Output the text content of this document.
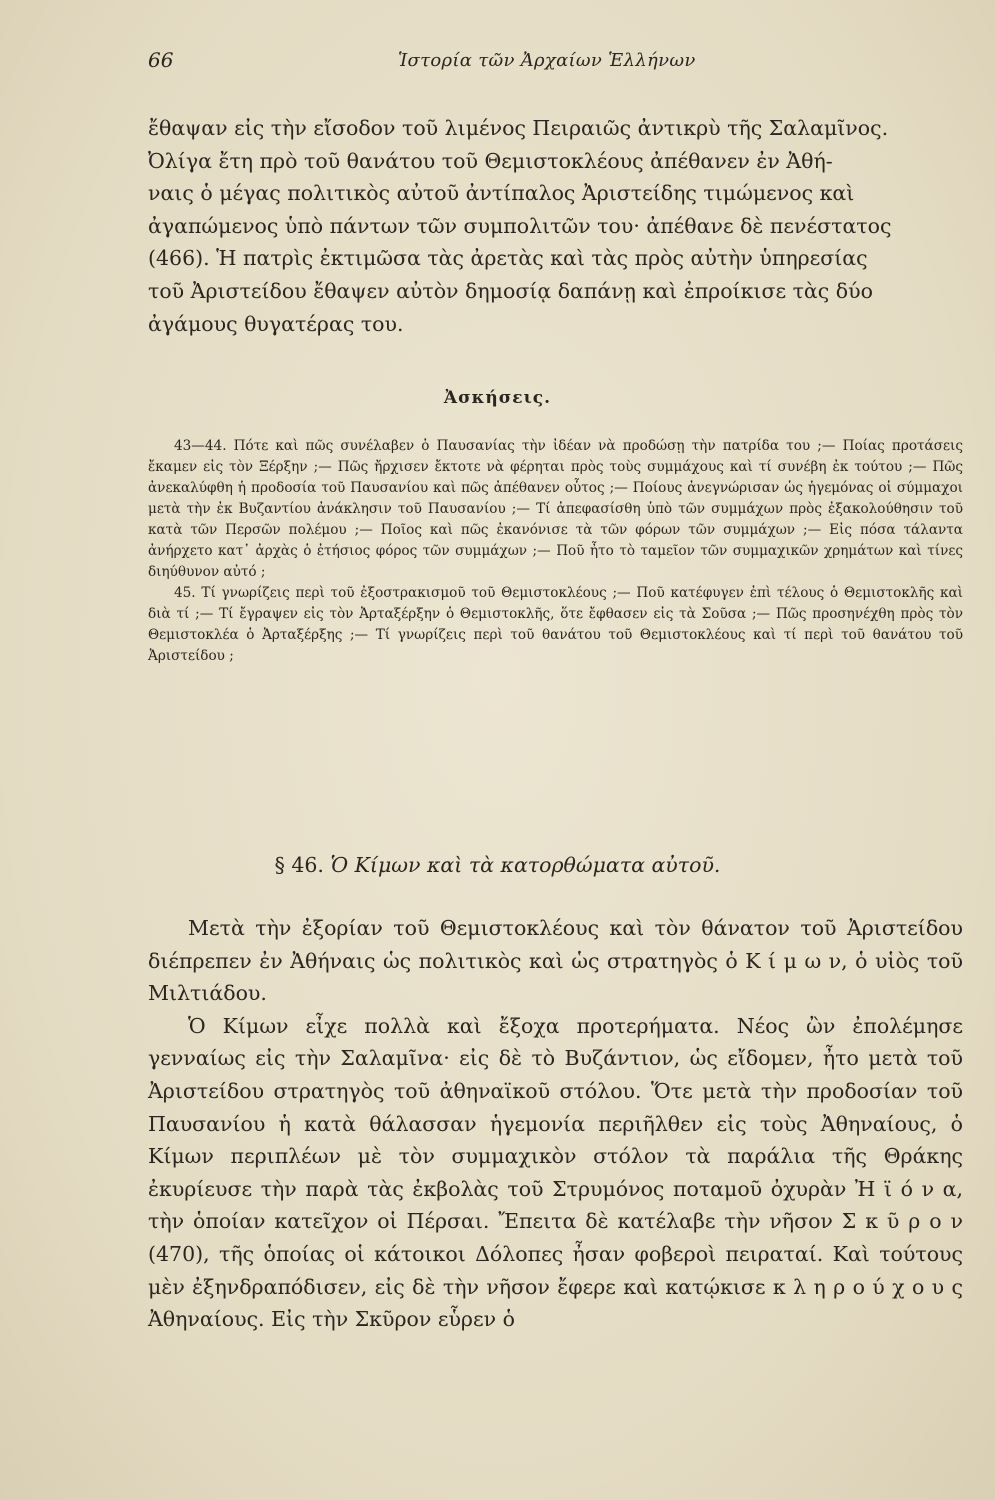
66	Ἱστορία τῶν Ἀρχαίων Ἑλλήνων

ἔθαψαν εἰς τὴν εἴσοδον τοῦ λιμένος Πειραιῶς ἀντικρὺ τῆς Σαλαμῖνος.
Ὀλίγα ἔτη πρὸ τοῦ θανάτου τοῦ Θεμιστοκλέους ἀπέθανεν ἐν Ἀθή-
ναις ὁ μέγας πολιτικὸς αὐτοῦ ἀντίπαλος Ἀριστείδης τιμώμενος καὶ
ἀγαπώμενος ὑπὸ πάντων τῶν συμπολιτῶν του· ἀπέθανε δὲ πενέστατος
(466). Ἡ πατρὶς ἐκτιμῶσα τὰς ἀρετὰς καὶ τὰς πρὸς αὐτὴν ὑπηρεσίας
τοῦ Ἀριστείδου ἔθαψεν αὐτὸν δημοσίᾳ δαπάνῃ καὶ ἐπροίκισε τὰς δύο
ἀγάμους θυγατέρας του.

Ἀσκήσεις.

43—44. Πότε καὶ πῶς συνέλαβεν ὁ Παυσανίας τὴν ἰδέαν νὰ προδώσῃ τὴν πατρίδα του ;— Ποίας προτάσεις ἔκαμεν εἰς τὸν Ξέρξην ;— Πῶς ἤρχισεν ἔκτοτε νὰ φέρηται πρὸς τοὺς συμμάχους καὶ τί συνέβη ἐκ τούτου ;— Πῶς ἀνεκαλύφθη ἡ προδοσία τοῦ Παυσανίου καὶ πῶς ἀπέθανεν οὗτος ;— Ποίους ἀνεγνώρισαν ὡς ἡγεμόνας οἱ σύμμαχοι μετὰ τὴν ἐκ Βυζαντίου ἀνάκλησιν τοῦ Παυσανίου ;— Τί ἀπεφασίσθη ὑπὸ τῶν συμμάχων πρὸς ἐξακολούθησιν τοῦ κατὰ τῶν Περσῶν πολέμου ;— Ποῖος καὶ πῶς ἐκανόνισε τὰ τῶν φόρων τῶν συμμάχων ;— Εἰς πόσα τάλαντα ἀνήρχετο κατ᾽ ἀρχὰς ὁ ἐτήσιος φόρος τῶν συμμάχων ;— Ποῦ ἦτο τὸ ταμεῖον τῶν συμμαχικῶν χρημάτων καὶ τίνες διηύθυνον αὐτό ;

45. Τί γνωρίζεις περὶ τοῦ ἐξοστρακισμοῦ τοῦ Θεμιστοκλέους ;— Ποῦ κατέφυγεν ἐπὶ τέλους ὁ Θεμιστοκλῆς καὶ διὰ τί ;— Τί ἔγραψεν εἰς τὸν Ἀρταξέρξην ὁ Θεμιστοκλῆς, ὅτε ἔφθασεν εἰς τὰ Σοῦσα ;— Πῶς προσηνέχθη πρὸς τὸν Θεμιστοκλέα ὁ Ἀρταξέρξης ;— Τί γνωρίζεις περὶ τοῦ θανάτου τοῦ Θεμιστοκλέους καὶ τί περὶ τοῦ θανάτου τοῦ Ἀριστείδου ;

§ 46. Ὁ Κίμων καὶ τὰ κατορθώματα αὐτοῦ.

Μετὰ τὴν ἐξορίαν τοῦ Θεμιστοκλέους καὶ τὸν θάνατον τοῦ Ἀριστείδου διέπρεπεν ἐν Ἀθήναις ὡς πολιτικὸς καὶ ὡς στρατηγὸς ὁ Κ ί μ ω ν, ὁ υἱὸς τοῦ Μιλτιάδου.

Ὁ Κίμων εἶχε πολλὰ καὶ ἔξοχα προτερήματα. Νέος ὢν ἐπολέμησε γενναίως εἰς τὴν Σαλαμῖνα· εἰς δὲ τὸ Βυζάντιον, ὡς εἴδομεν, ἦτο μετὰ τοῦ Ἀριστείδου στρατηγὸς τοῦ ἀθηναϊκοῦ στόλου. Ὅτε μετὰ τὴν προδοσίαν τοῦ Παυσανίου ἡ κατὰ θάλασσαν ἡγεμονία περιῆλθεν εἰς τοὺς Ἀθηναίους, ὁ Κίμων περιπλέων μὲ τὸν συμμαχικὸν στόλον τὰ παράλια τῆς Θράκης ἐκυρίευσε τὴν παρὰ τὰς ἐκβολὰς τοῦ Στρυμόνος ποταμοῦ ὀχυρὰν Ἠ ϊ ό ν α, τὴν ὁποίαν κατεῖχον οἱ Πέρσαι. Ἔπειτα δὲ κατέλαβε τὴν νῆσον Σ κ ῦ ρ ο ν (470), τῆς ὁποίας οἱ κάτοικοι Δόλοπες ἦσαν φοβεροὶ πειραταί. Καὶ τούτους μὲν ἐξηνδραπόδισεν, εἰς δὲ τὴν νῆσον ἔφερε καὶ κατῴκισε κ λ η ρ ο ύ χ ο υ ς Ἀθηναίους. Εἰς τὴν Σκῦρον εὗρεν ὁ
